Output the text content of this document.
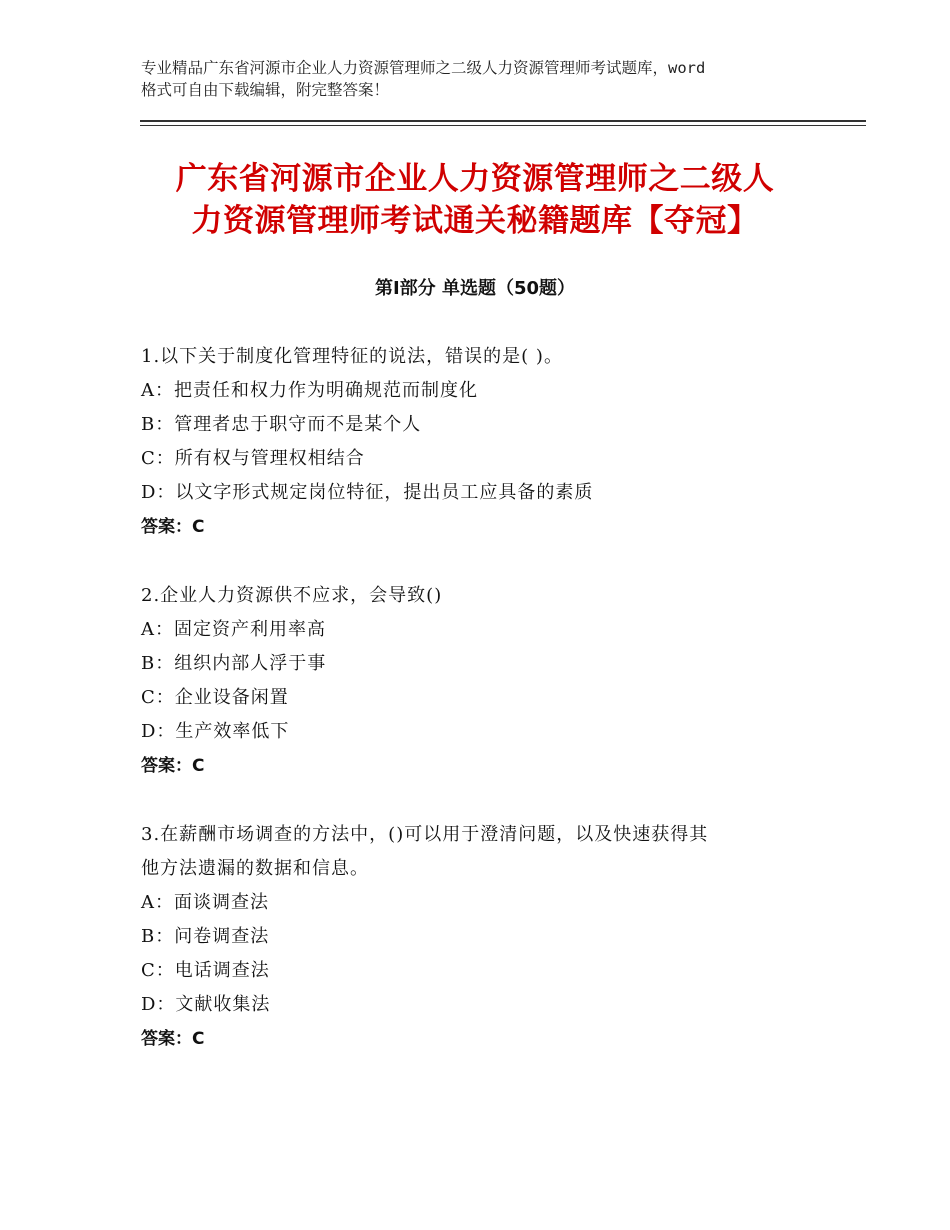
专业精品广东省河源市企业人力资源管理师之二级人力资源管理师考试题库，word
格式可自由下载编辑，附完整答案！
广东省河源市企业人力资源管理师之二级人
力资源管理师考试通关秘籍题库【夺冠】
第Ⅰ部分 单选题（50题）
1.以下关于制度化管理特征的说法，错误的是( )。
A：把责任和权力作为明确规范而制度化
B：管理者忠于职守而不是某个人
C：所有权与管理权相结合
D：以文字形式规定岗位特征，提出员工应具备的素质
答案：C
2.企业人力资源供不应求，会导致()
A：固定资产利用率高
B：组织内部人浮于事
C：企业设备闲置
D：生产效率低下
答案：C
3.在薪酬市场调查的方法中，()可以用于澄清问题，以及快速获得其
他方法遗漏的数据和信息。
A：面谈调查法
B：问卷调查法
C：电话调查法
D：文献收集法
答案：C
